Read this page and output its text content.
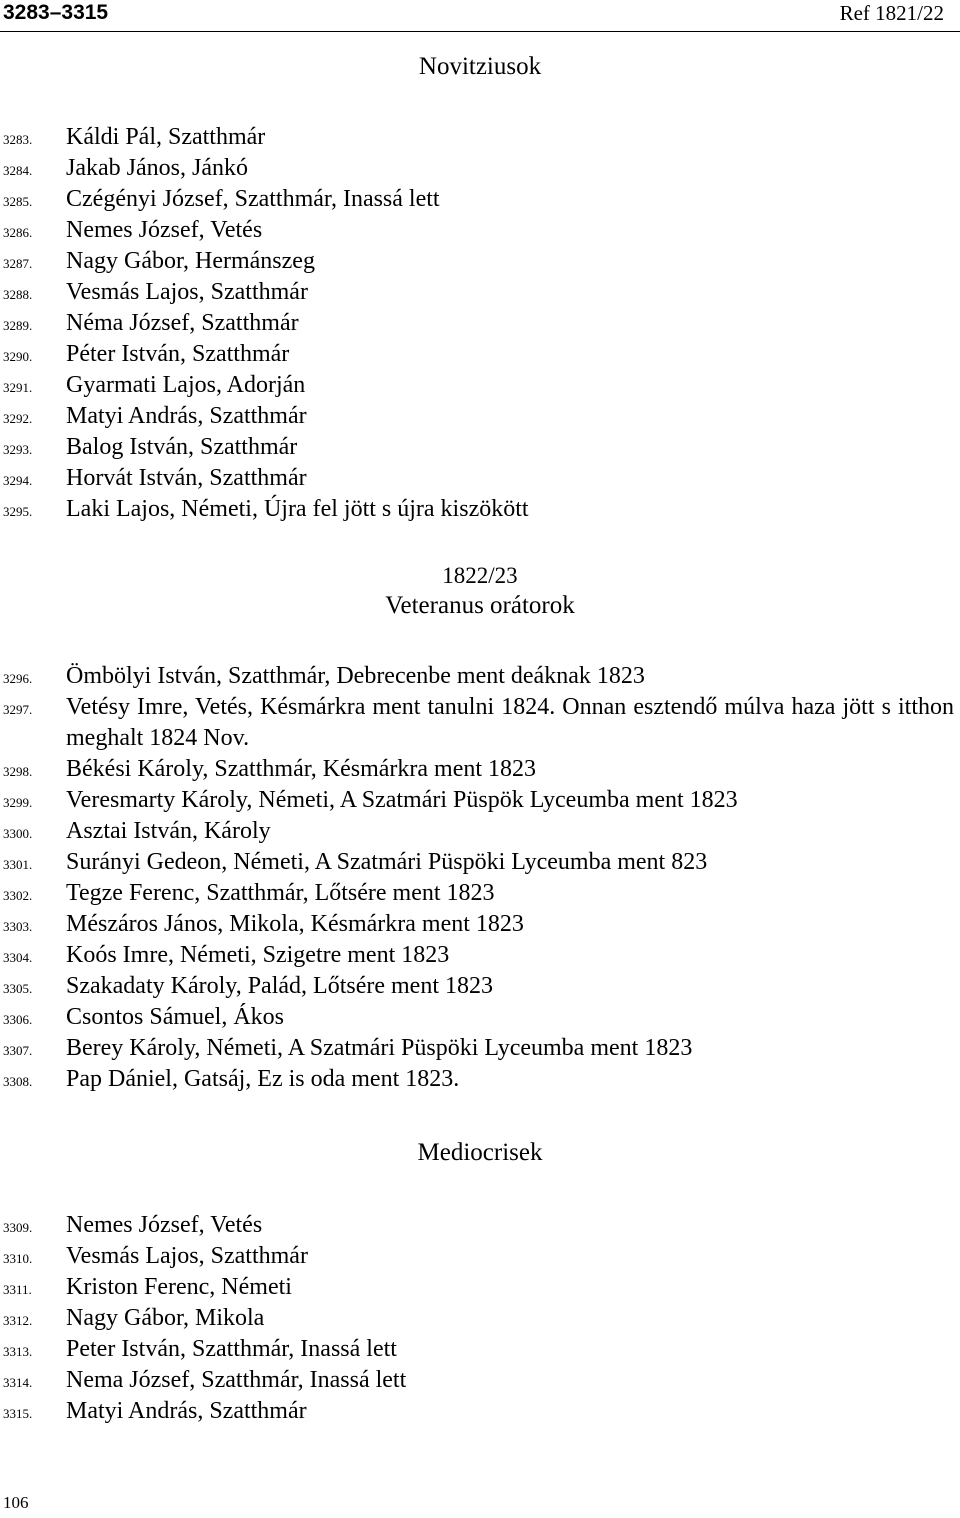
3283–3315	Ref 1821/22
Novitziusok
3283. Káldi Pál, Szatthmár
3284. Jakab János, Jánkó
3285. Czégényi József, Szatthmár, Inassá lett
3286. Nemes József, Vetés
3287. Nagy Gábor, Hermánszeg
3288. Vesmás Lajos, Szatthmár
3289. Néma József, Szatthmár
3290. Péter István, Szatthmár
3291. Gyarmati Lajos, Adorján
3292. Matyi András, Szatthmár
3293. Balog István, Szatthmár
3294. Horvát István, Szatthmár
3295. Laki Lajos, Németi, Újra fel jött s újra kiszökött
1822/23
Veteranus orátorok
3296. Ömbölyi István, Szatthmár, Debrecenbe ment deáknak 1823
3297. Vetésy Imre, Vetés, Késmárkra ment tanulni 1824. Onnan esztendő múlva haza jött s itthon meghalt 1824 Nov.
3298. Békési Károly, Szatthmár, Késmárkra ment 1823
3299. Veresmarty Károly, Németi, A Szatmári Püspök Lyceumba ment 1823
3300. Asztai István, Károly
3301. Surányi Gedeon, Németi, A Szatmári Püspöki Lyceumba ment 823
3302. Tegze Ferenc, Szatthmár, Lőtsére ment 1823
3303. Mészáros János, Mikola, Késmárkra ment 1823
3304. Koós Imre, Németi, Szigetre ment 1823
3305. Szakadaty Károly, Palád, Lőtsére ment 1823
3306. Csontos Sámuel, Ákos
3307. Berey Károly, Németi, A Szatmári Püspöki Lyceumba ment 1823
3308. Pap Dániel, Gatsáj, Ez is oda ment 1823.
Mediocrisek
3309. Nemes József, Vetés
3310. Vesmás Lajos, Szatthmár
3311. Kriston Ferenc, Németi
3312. Nagy Gábor, Mikola
3313. Peter István, Szatthmár, Inassá lett
3314. Nema József, Szatthmár, Inassá lett
3315. Matyi András, Szatthmár
106
